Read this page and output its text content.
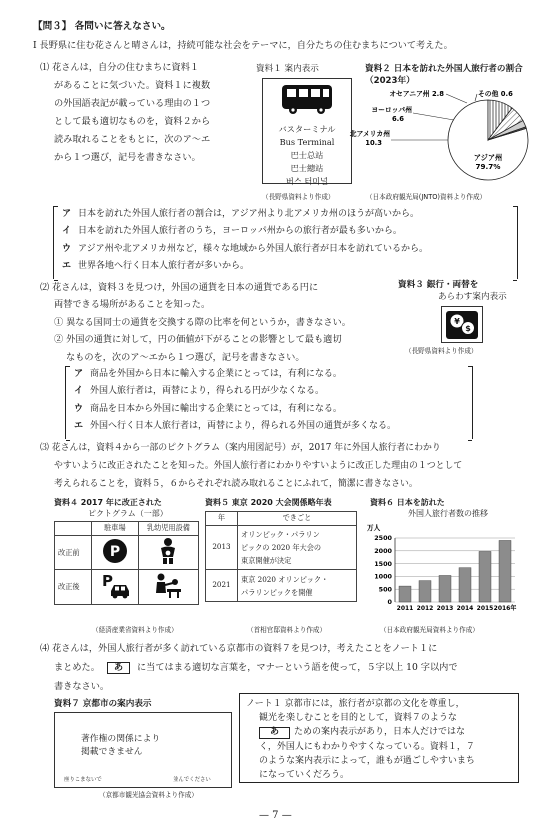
【問３】 各問いに答えなさい。
Ⅰ 長野県に住む花さんと晴さんは，持続可能な社会をテーマに，自分たちの住むまちについて考えた。
⑴ 花さんは，自分の住むまちに資料１
があることに気づいた。資料１に複数
の外国語表記が載っている理由の１つ
として最も適切なものを，資料２から
読み取れることをもとに，次のア～エ
から１つ選び，記号を書きなさい。
資料１ 案内表示
バスターミナル
Bus Terminal
巴士总站
巴士總站
버스 터미널
（長野県資料より作成）
資料２ 日本を訪れた外国人旅行者の割合（2023年）
アジア州
79.7%
北アメリカ州
10.3
ヨーロッパ州
6.6
オセアニア州 2.8	その他 0.6
（日本政府観光局(JNTO)資料より作成）
ア 日本を訪れた外国人旅行者の割合は，アジア州より北アメリカ州のほうが高いから。
イ 日本を訪れた外国人旅行者のうち，ヨーロッパ州からの旅行者が最も多いから。
ウ アジア州や北アメリカ州など，様々な地域から外国人旅行者が日本を訪れているから。
エ 世界各地へ行く日本人旅行者が多いから。
⑵ 花さんは，資料３を見つけ，外国の通貨を日本の通貨である円に
両替できる場所があることを知った。
① 異なる国同士の通貨を交換する際の比率を何というか，書きなさい。
② 外国の通貨に対して，円の価値が下がることの影響として最も適切
なものを，次のア～エから１つ選び，記号を書きなさい。
資料３ 銀行・両替を
あらわす案内表示
¥
$
（長野県資料より作成）
ア 商品を外国から日本に輸入する企業にとっては，有利になる。
イ 外国人旅行者は，両替により，得られる円が少なくなる。
ウ 商品を日本から外国に輸出する企業にとっては，有利になる。
エ 外国へ行く日本人旅行者は，両替により，得られる外国の通貨が多くなる。
⑶ 花さんは，資料４から一部のピクトグラム（案内用図記号）が，2017 年に外国人旅行者にわかり
やすいように改正されたことを知った。外国人旅行者にわかりやすいように改正した理由の１つとして
考えられることを，資料５，６からそれぞれ読み取れることにふれて，簡潔に書きなさい。
資料４ 2017 年に改正された
ピクトグラム（一部）
	駐車場	乳幼児用設備
改正前	P

改正後	P

（経済産業省資料より作成）
資料５ 東京 2020 大会関係略年表
年	できごと
2013	オリンピック・パラリン
ピックの 2020 年大会の
東京開催が決定

2021	東京 2020 オリンピック・
パラリンピックを開催
（首相官邸資料より作成）
資料６ 日本を訪れた
外国人旅行者数の推移
万人
2500
2000
1500
1000
500
0
2011 2012 2013 2014 2015 2016年
（日本政府観光局資料より作成）
⑷ 花さんは，外国人旅行者が多く訪れている京都市の資料７を見つけ，考えたことをノート１に
まとめた。 あ に当てはまる適切な言葉を，マナーという語を使って，５字以上 10 字以内で
書きなさい。
資料７ 京都市の案内表示
著作権の関係により
掲載できません
座りこまないで	並んでください
（京都市観光協会資料より作成）
ノート１ 京都市には，旅行者が京都の文化を尊重し，
観光を楽しむことを目的として，資料７のような
あ ための案内表示があり，日本人だけではな
く，外国人にもわかりやすくなっている。資料１，７
のような案内表示によって，誰もが過ごしやすいまち
になっていくだろう。
— 7 —
